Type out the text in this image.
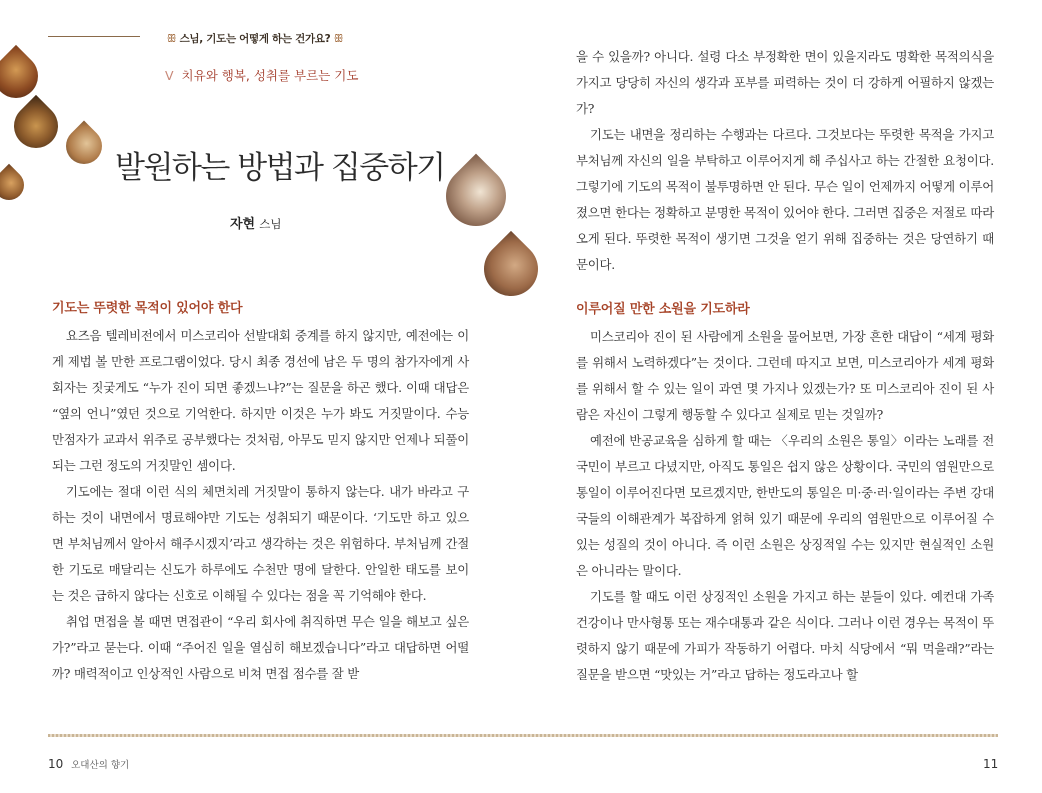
ꕥ 스님, 기도는 어떻게 하는 건가요? ꕥ
ⴸ 치유와 행복, 성취를 부르는 기도
발원하는 방법과 집중하기
자현 스님
기도는 뚜렷한 목적이 있어야 한다

요즈음 텔레비전에서 미스코리아 선발대회 중계를 하지 않지만, 예전에는 이게 제법 볼 만한 프로그램이었다. 당시 최종 경선에 남은 두 명의 참가자에게 사회자는 짓궂게도 “누가 진이 되면 좋겠느냐?”는 질문을 하곤 했다. 이때 대답은 “옆의 언니”였던 것으로 기억한다. 하지만 이것은 누가 봐도 거짓말이다. 수능만점자가 교과서 위주로 공부했다는 것처럼, 아무도 믿지 않지만 언제나 되풀이되는 그런 정도의 거짓말인 셈이다.

기도에는 절대 이런 식의 체면치레 거짓말이 통하지 않는다. 내가 바라고 구하는 것이 내면에서 명료해야만 기도는 성취되기 때문이다. ‘기도만 하고 있으면 부처님께서 알아서 해주시겠지’라고 생각하는 것은 위험하다. 부처님께 간절한 기도로 매달리는 신도가 하루에도 수천만 명에 달한다. 안일한 태도를 보이는 것은 급하지 않다는 신호로 이해될 수 있다는 점을 꼭 기억해야 한다.

취업 면접을 볼 때면 면접관이 “우리 회사에 취직하면 무슨 일을 해보고 싶은가?”라고 묻는다. 이때 “주어진 일을 열심히 해보겠습니다”라고 대답하면 어떨까? 매력적이고 인상적인 사람으로 비쳐 면접 점수를 잘 받

을 수 있을까? 아니다. 설령 다소 부정확한 면이 있을지라도 명확한 목적의식을 가지고 당당히 자신의 생각과 포부를 피력하는 것이 더 강하게 어필하지 않겠는가?

기도는 내면을 정리하는 수행과는 다르다. 그것보다는 뚜렷한 목적을 가지고 부처님께 자신의 일을 부탁하고 이루어지게 해 주십사고 하는 간절한 요청이다. 그렇기에 기도의 목적이 불투명하면 안 된다. 무슨 일이 언제까지 어떻게 이루어졌으면 한다는 정확하고 분명한 목적이 있어야 한다. 그러면 집중은 저절로 따라오게 된다. 뚜렷한 목적이 생기면 그것을 얻기 위해 집중하는 것은 당연하기 때문이다.

이루어질 만한 소원을 기도하라

미스코리아 진이 된 사람에게 소원을 물어보면, 가장 흔한 대답이 “세계 평화를 위해서 노력하겠다”는 것이다. 그런데 따지고 보면, 미스코리아가 세계 평화를 위해서 할 수 있는 일이 과연 몇 가지나 있겠는가? 또 미스코리아 진이 된 사람은 자신이 그렇게 행동할 수 있다고 실제로 믿는 것일까?

예전에 반공교육을 심하게 할 때는 〈우리의 소원은 통일〉이라는 노래를 전 국민이 부르고 다녔지만, 아직도 통일은 쉽지 않은 상황이다. 국민의 염원만으로 통일이 이루어진다면 모르겠지만, 한반도의 통일은 미·중·러·일이라는 주변 강대국들의 이해관계가 복잡하게 얽혀 있기 때문에 우리의 염원만으로 이루어질 수 있는 성질의 것이 아니다. 즉 이런 소원은 상징적일 수는 있지만 현실적인 소원은 아니라는 말이다.

기도를 할 때도 이런 상징적인 소원을 가지고 하는 분들이 있다. 예컨대 가족건강이나 만사형통 또는 재수대통과 같은 식이다. 그러나 이런 경우는 목적이 뚜렷하지 않기 때문에 가피가 작동하기 어렵다. 마치 식당에서 “뭐 먹을래?”라는 질문을 받으면 “맛있는 거”라고 답하는 정도라고나 할

10 오대산의 향기	11
